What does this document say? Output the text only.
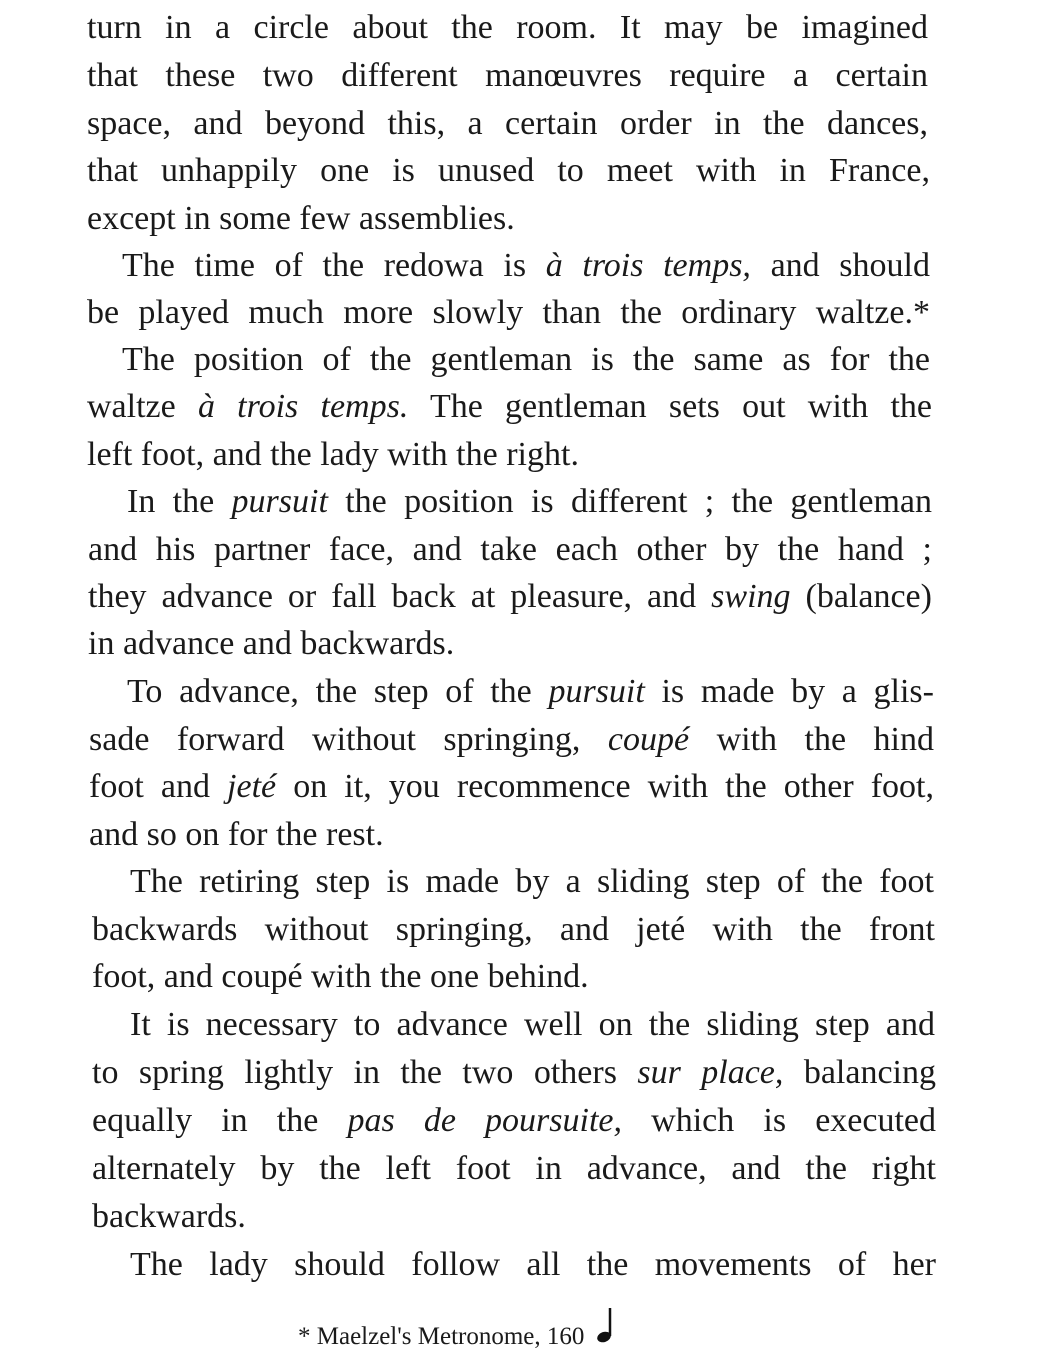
turn in a circle about the room. It may be imagined
that these two different manœuvres require a certain
space, and beyond this, a certain order in the dances,
that unhappily one is unused to meet with in France,
except in some few assemblies.
The time of the redowa is à trois temps, and should
be played much more slowly than the ordinary waltze.*
The position of the gentleman is the same as for the
waltze à trois temps. The gentleman sets out with the
left foot, and the lady with the right.
In the pursuit the position is different ; the gentleman
and his partner face, and take each other by the hand ;
they advance or fall back at pleasure, and swing (balance)
in advance and backwards.
To advance, the step of the pursuit is made by a glis-
sade forward without springing, coupé with the hind
foot and jeté on it, you recommence with the other foot,
and so on for the rest.
The retiring step is made by a sliding step of the foot
backwards without springing, and jeté with the front
foot, and coupé with the one behind.
It is necessary to advance well on the sliding step and
to spring lightly in the two others sur place, balancing
equally in the pas de poursuite, which is executed
alternately by the left foot in advance, and the right
backwards.
The lady should follow all the movements of her
* Maelzel's Metronome, 160
